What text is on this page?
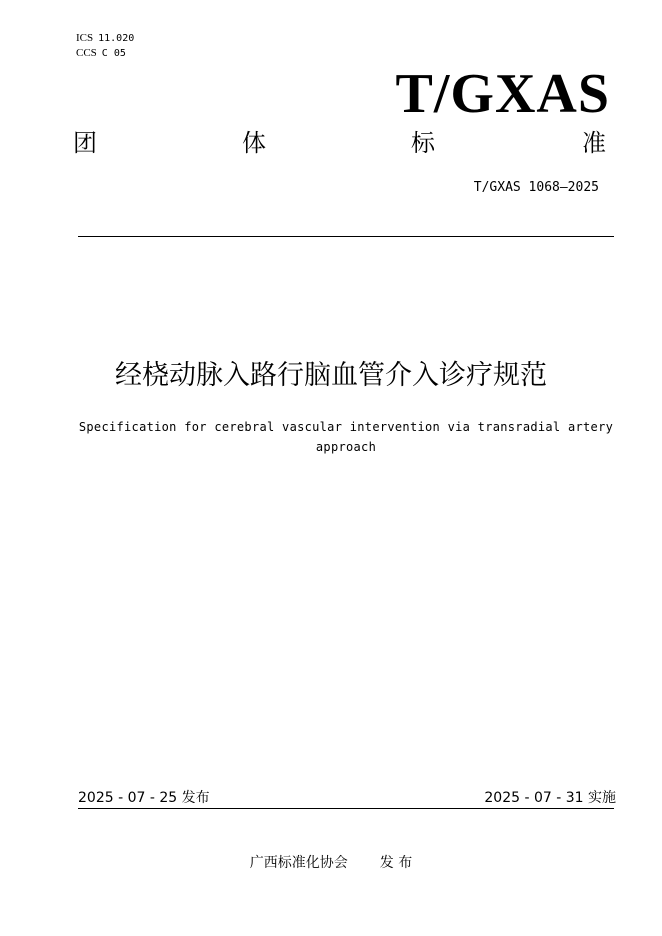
ICS 11.020
CCS C 05
T/GXAS
团	体	标	准
T/GXAS 1068—2025
经桡动脉入路行脑血管介入诊疗规范
Specification for cerebral vascular intervention via transradial artery approach
2025 - 07 - 25 发布	2025 - 07 - 31 实施
广西标准化协会 发 布
